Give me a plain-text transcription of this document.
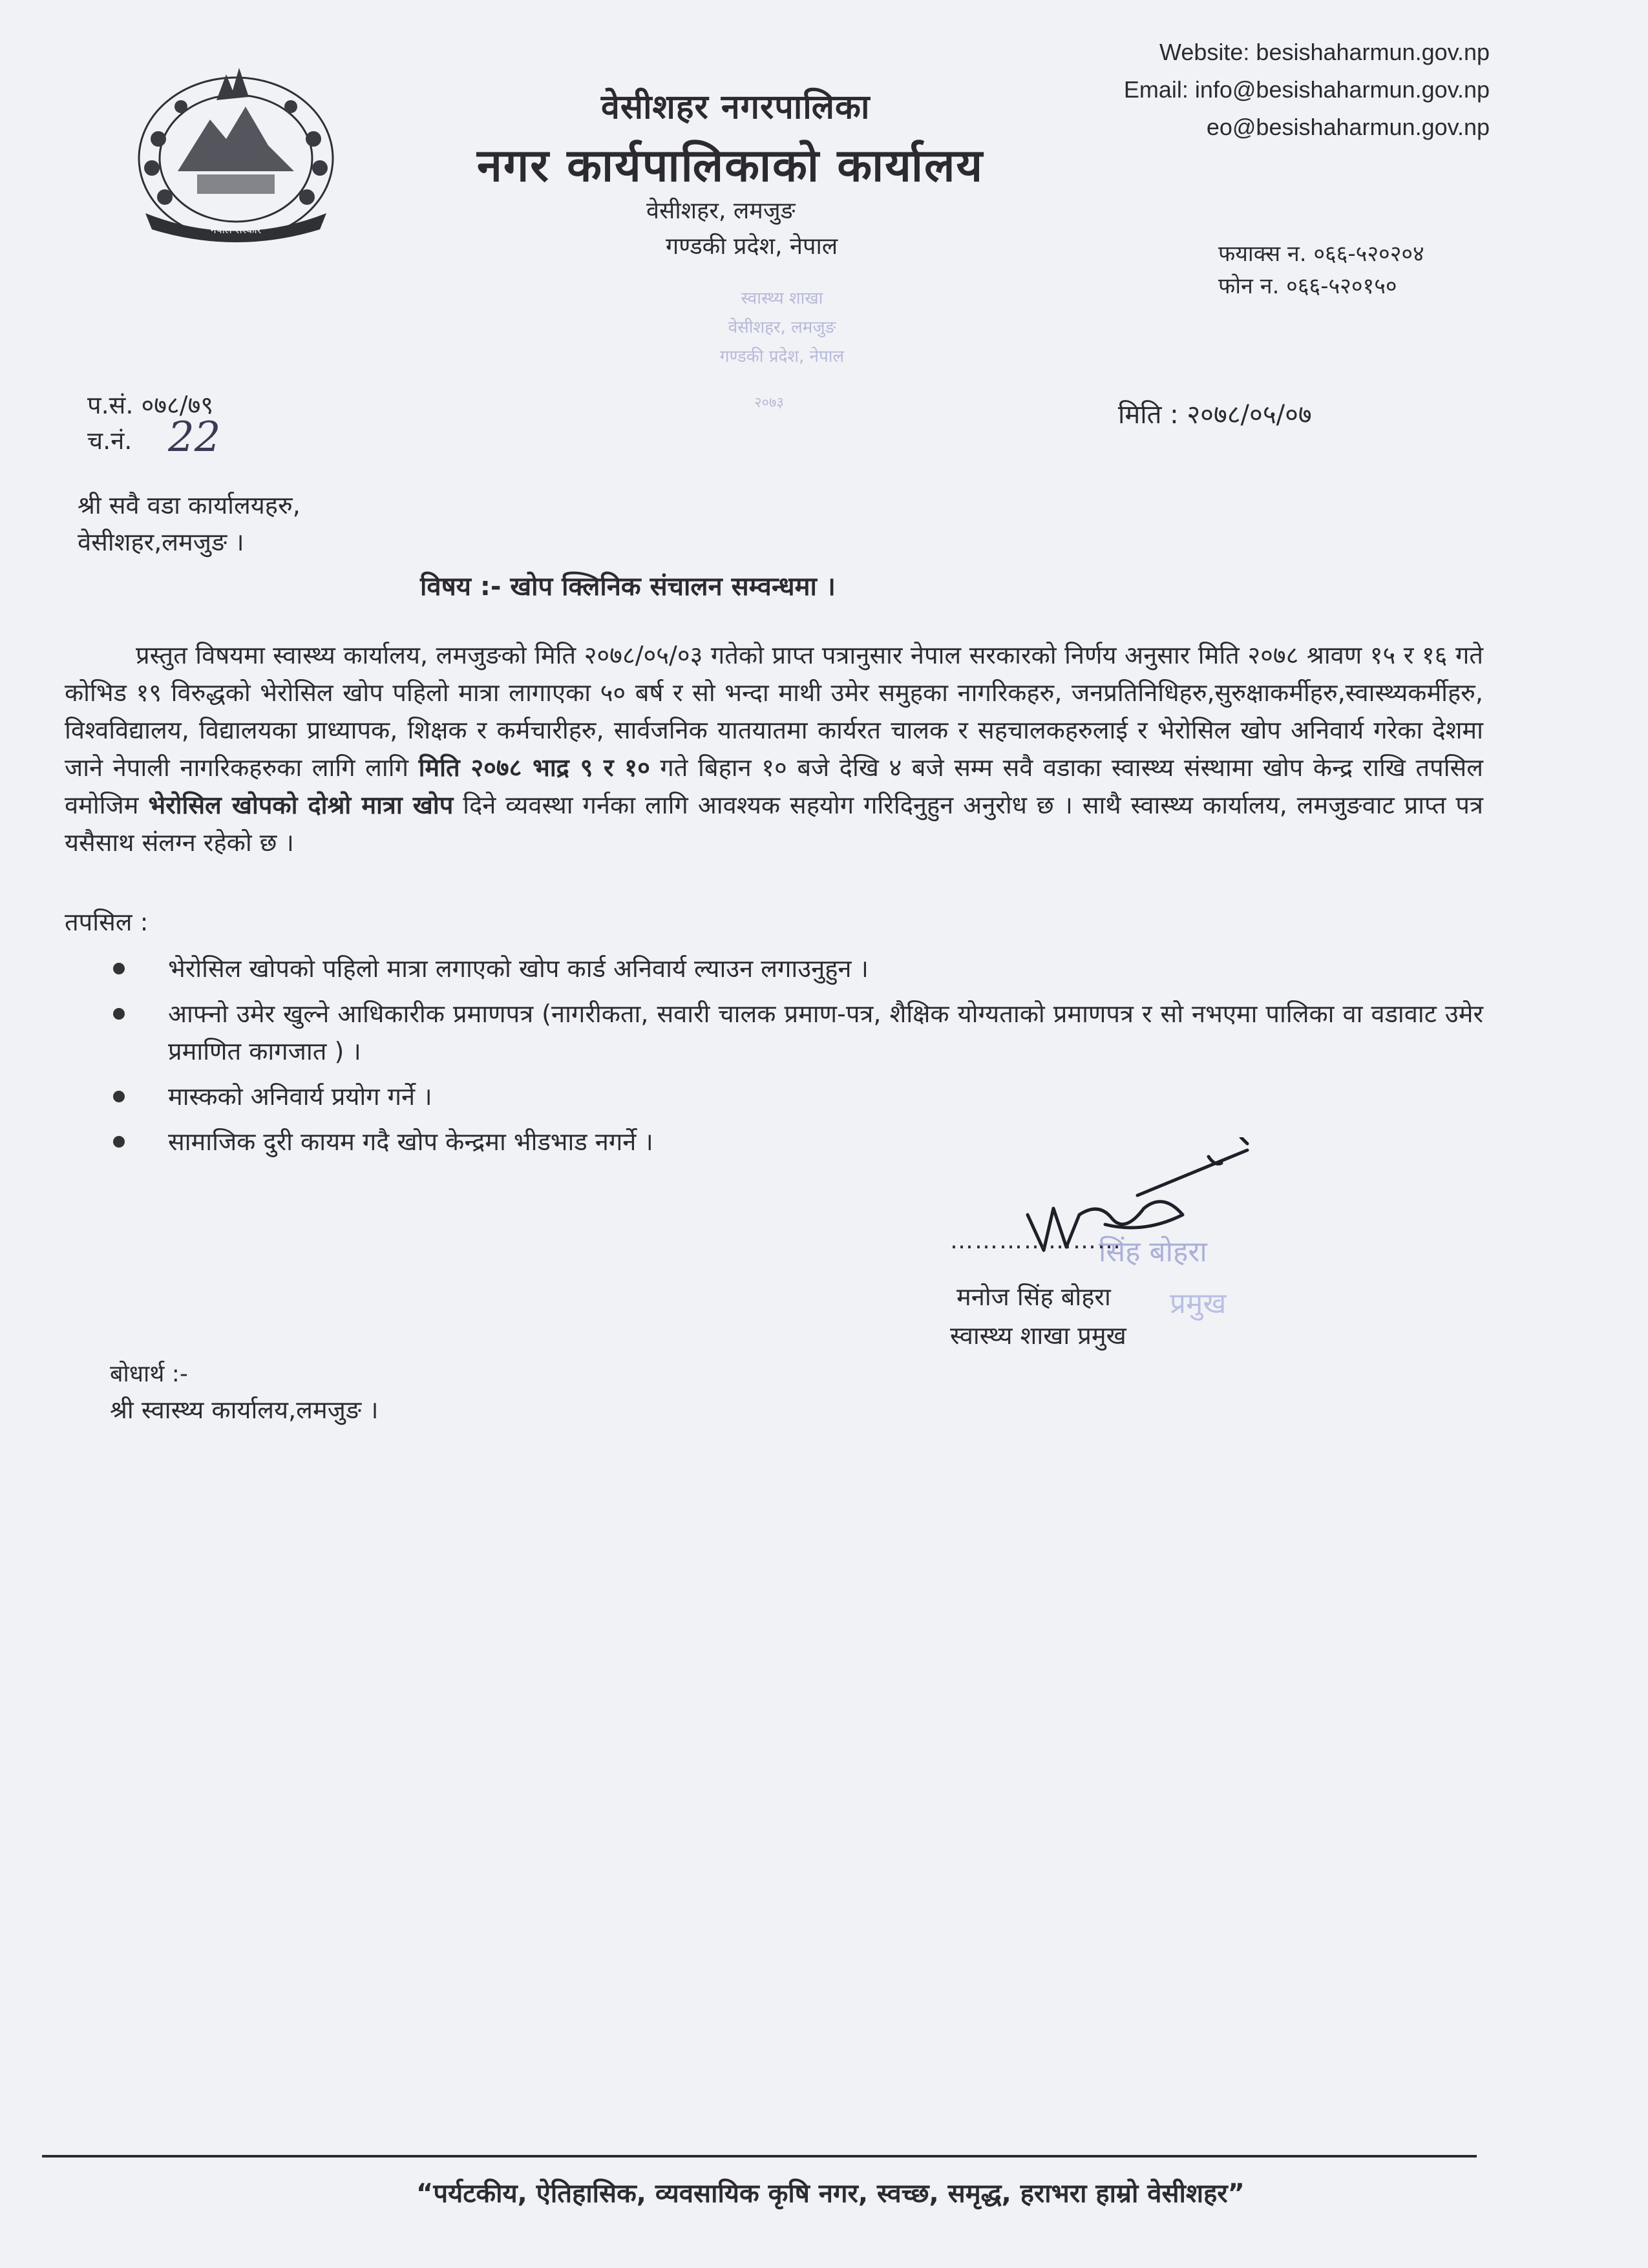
नेपाल सरकार
वेसीशहर नगरपालिका
नगर कार्यपालिकाको कार्यालय
वेसीशहर, लमजुङ
गण्डकी प्रदेश, नेपाल
Website: besishaharmun.gov.np
Email: info@besishaharmun.gov.np
eo@besishaharmun.gov.np
फयाक्स न. ०६६-५२०२०४
फोन न. ०६६-५२०१५०
स्वास्थ्य शाखा
वेसीशहर, लमजुङ
गण्डकी प्रदेश, नेपाल
२०७३
प.सं. ०७८/७९
च.नं. 22	मिति : २०७८/०५/०७
श्री सवै वडा कार्यालयहरु,
वेसीशहर,लमजुङ ।
विषय :- खोप क्लिनिक संचालन सम्वन्धमा ।
प्रस्तुत विषयमा स्वास्थ्य कार्यालय, लमजुङको मिति २०७८/०५/०३ गतेको प्राप्त पत्रानुसार नेपाल सरकारको निर्णय अनुसार मिति २०७८ श्रावण १५ र १६ गते कोभिड १९ विरुद्धको भेरोसिल खोप पहिलो मात्रा लागाएका ५० बर्ष र सो भन्दा माथी उमेर समुहका नागरिकहरु, जनप्रतिनिधिहरु,सुरुक्षाकर्मीहरु,स्वास्थ्यकर्मीहरु, विश्वविद्यालय, विद्यालयका प्राध्यापक, शिक्षक र कर्मचारीहरु, सार्वजनिक यातयातमा कार्यरत चालक र सहचालकहरुलाई र भेरोसिल खोप अनिवार्य गरेका देशमा जाने नेपाली नागरिकहरुका लागि लागि मिति २०७८ भाद्र ९ र १० गते बिहान १० बजे देखि ४ बजे सम्म सवै वडाका स्वास्थ्य संस्थामा खोप केन्द्र राखि तपसिल वमोजिम भेरोसिल खोपको दोश्रो मात्रा खोप दिने व्यवस्था गर्नका लागि आवश्यक सहयोग गरिदिनुहुन अनुरोध छ । साथै स्वास्थ्य कार्यालय, लमजुङवाट प्राप्त पत्र यसैसाथ संलग्न रहेको छ ।
तपसिल :
भेरोसिल खोपको पहिलो मात्रा लगाएको खोप कार्ड अनिवार्य ल्याउन लगाउनुहुन ।
आफ्नो उमेर खुल्ने आधिकारीक प्रमाणपत्र (नागरीकता, सवारी चालक प्रमाण-पत्र, शैक्षिक योग्यताको प्रमाणपत्र र सो नभएमा पालिका वा वडावाट उमेर प्रमाणित कागजात ) ।
मास्कको अनिवार्य प्रयोग गर्ने ।
सामाजिक दुरी कायम गदै खोप केन्द्रमा भीडभाड नगर्ने ।
सिंह बोहरा
प्रमुख
…………………
मनोज सिंह बोहरा
स्वास्थ्य शाखा प्रमुख
बोधार्थ :-
श्री स्वास्थ्य कार्यालय,लमजुङ ।
“पर्यटकीय, ऐतिहासिक, व्यवसायिक कृषि नगर, स्वच्छ, समृद्ध, हराभरा हाम्रो वेसीशहर”
